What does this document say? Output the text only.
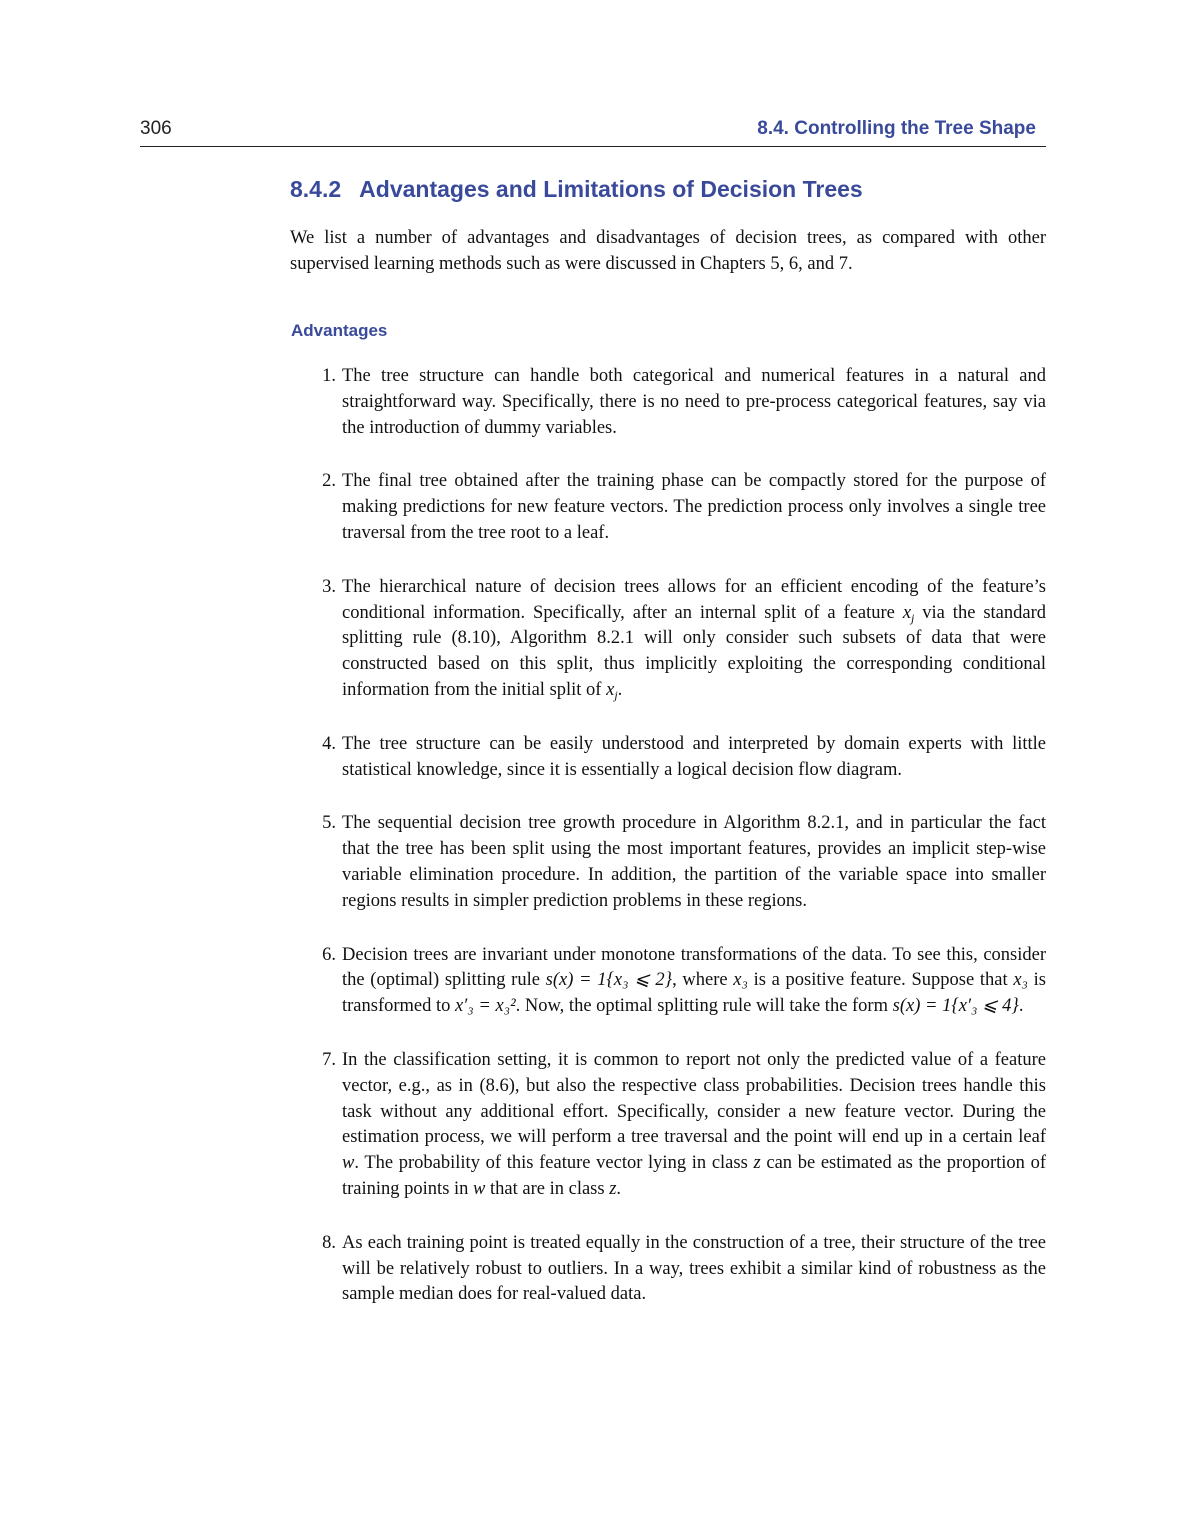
306	8.4. Controlling the Tree Shape
8.4.2 Advantages and Limitations of Decision Trees

We list a number of advantages and disadvantages of decision trees, as compared with other supervised learning methods such as were discussed in Chapters 5, 6, and 7.

Advantages
1. The tree structure can handle both categorical and numerical features in a natural and straightforward way. Specifically, there is no need to pre-process categorical features, say via the introduction of dummy variables.
2. The final tree obtained after the training phase can be compactly stored for the purpose of making predictions for new feature vectors. The prediction process only involves a single tree traversal from the tree root to a leaf.
3. The hierarchical nature of decision trees allows for an efficient encoding of the feature’s conditional information. Specifically, after an internal split of a feature $x_j$ via the standard splitting rule (8.10), Algorithm 8.2.1 will only consider such subsets of data that were constructed based on this split, thus implicitly exploiting the corresponding conditional information from the initial split of $x_j$.
4. The tree structure can be easily understood and interpreted by domain experts with little statistical knowledge, since it is essentially a logical decision flow diagram.
5. The sequential decision tree growth procedure in Algorithm 8.2.1, and in particular the fact that the tree has been split using the most important features, provides an implicit step-wise variable elimination procedure. In addition, the partition of the variable space into smaller regions results in simpler prediction problems in these regions.
6. Decision trees are invariant under monotone transformations of the data. To see this, consider the (optimal) splitting rule s(x) = 1{x₃ ⩽ 2}, where x₃ is a positive feature. Suppose that x₃ is transformed to x′₃ = x₃². Now, the optimal splitting rule will take the form s(x) = 1{x′₃ ⩽ 4}.
7. In the classification setting, it is common to report not only the predicted value of a feature vector, e.g., as in (8.6), but also the respective class probabilities. Decision trees handle this task without any additional effort. Specifically, consider a new feature vector. During the estimation process, we will perform a tree traversal and the point will end up in a certain leaf w. The probability of this feature vector lying in class z can be estimated as the proportion of training points in w that are in class z.
8. As each training point is treated equally in the construction of a tree, their structure of the tree will be relatively robust to outliers. In a way, trees exhibit a similar kind of robustness as the sample median does for real-valued data.
